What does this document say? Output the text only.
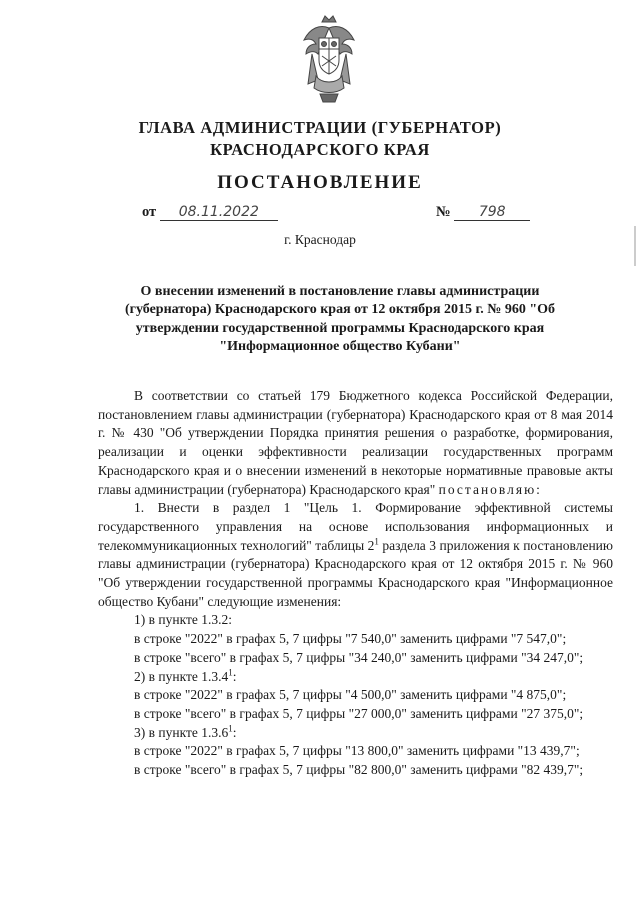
ГЛАВА АДМИНИСТРАЦИИ (ГУБЕРНАТОР)
КРАСНОДАРСКОГО КРАЯ
ПОСТАНОВЛЕНИЕ
от 08.11.2022	№ 798
г. Краснодар
О внесении изменений в постановление главы администрации (губернатора) Краснодарского края от 12 октября 2015 г. № 960 "Об утверждении государственной программы Краснодарского края "Информационное общество Кубани"

В соответствии со статьей 179 Бюджетного кодекса Российской Федерации, постановлением главы администрации (губернатора) Краснодарского края от 8 мая 2014 г. № 430 "Об утверждении Порядка принятия решения о разработке, формирования, реализации и оценки эффективности реализации государственных программ Краснодарского края и о внесении изменений в некоторые нормативные правовые акты главы администрации (губернатора) Краснодарского края" постановляю:

1. Внести в раздел 1 "Цель 1. Формирование эффективной системы государственного управления на основе использования информационных и телекоммуникационных технологий" таблицы $2^1$ раздела 3 приложения к постановлению главы администрации (губернатора) Краснодарского края от 12 октября 2015 г. № 960 "Об утверждении государственной программы Краснодарского края "Информационное общество Кубани" следующие изменения:

1) в пункте 1.3.2:

в строке "2022" в графах 5, 7 цифры "7 540,0" заменить цифрами "7 547,0";

в строке "всего" в графах 5, 7 цифры "34 240,0" заменить цифрами "34 247,0";

2) в пункте 1.3.4$^1$:

в строке "2022" в графах 5, 7 цифры "4 500,0" заменить цифрами "4 875,0";

в строке "всего" в графах 5, 7 цифры "27 000,0" заменить цифрами "27 375,0";

3) в пункте 1.3.6$^1$:

в строке "2022" в графах 5, 7 цифры "13 800,0" заменить цифрами "13 439,7";

в строке "всего" в графах 5, 7 цифры "82 800,0" заменить цифрами "82 439,7";
